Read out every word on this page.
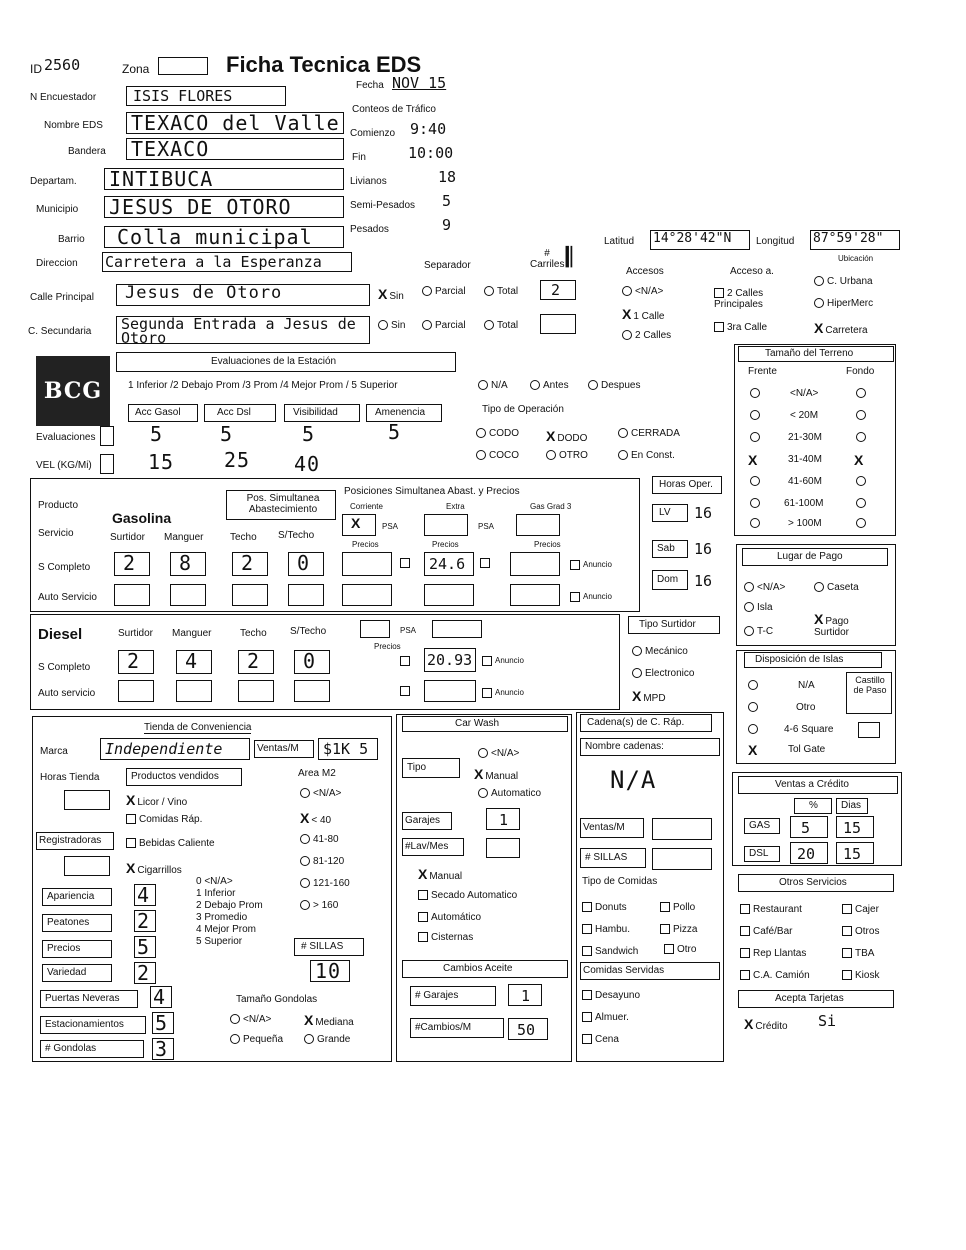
ID 2560	Zona	Ficha Tecnica EDS
Fecha NOV 15
Conteos de Tráfico
Comienzo 9:40
Fin	10:00
Livianos	18
Semi-Pesados 5
Pesados	9
N Encuestador ISIS FLORES
Nombre EDS TEXACO del Valle
Bandera TEXACO
Departam. INTIBUCA
Municipio JESUS DE OTORO
Barrio Colla municipal
Direccion Carretera a la Esperanza
Calle Principal Jesus de Otoro
C. Secundaria Segunda Entrada a Jesus de Otoro
Separador
# Carriles 𝄃
X Sin	Parcial	Total 2
Sin	Parcial	Total
Latitud 14°28'42"N Longitud 87°59'28"
Ubicación
Accesos
<N/A>
X 1 Calle
2 Calles
Acceso a.
2 Calles Principales
3ra Calle
C. Urbana
HiperMerc
X Carretera
BCG
Evaluaciones de la Estación
1 Inferior /2 Debajo Prom /3 Prom /4 Mejor Prom / 5 Superior	N/A	Antes	Despues
Acc Gasol	Acc Dsl	Visibilidad	Amenencia
Evaluaciones	5	5	5	5
VEL (KG/Mi)	15 25 40
Tipo de Operación
CODO X DODO	CERRADA
COCO	OTRO	En Const.
Tamaño del Terreno
Frente	Fondo
<N/A>
< 20M
21-30M
X	31-40M X
41-60M
61-100M
> 100M
Producto
Gasolina
Servicio
Pos. Simultanea Abastecimiento
Posiciones Simultanea Abast. y Precios
Corriente	Extra	Gas Grad 3
X	PSA	PSA
Precios	Precios	Precios
Surtidor Manguer	Techo S/Techo
S Completo 2 8 2 0	24.6	Anuncio
Auto Servicio	Anuncio
Horas Oper.
LV 16
Sab 16
Dom 16
Lugar de Pago
<N/A>	Caseta
Isla
T-C
X Pago Surtidor
Diesel	Surtidor Manguer	Techo S/Techo	PSA
Precios
S Completo 2 4 2 0	20.93	Anuncio
Auto servicio	Anuncio
Tipo Surtidor
Mecánico
Electronico
X MPD
Disposición de Islas
N/A	Castillo de Paso
Otro
4-6 Square
X	Tol Gate
Tienda de Conveniencia
Marca Independiente	Ventas/M $1K 5
Horas Tienda	Productos vendidos
X Licor / Vino
Comidas Ráp.
Bebidas Caliente
X Cigarrillos
Area M2
<N/A>
X < 40
41-80
81-120
121-160
> 160
Registradoras
0 <N/A>
1 Inferior
2 Debajo Prom
3 Promedio
4 Mejor Prom
5 Superior
Apariencia 4
Peatones 2
Precios	5
Variedad	2
# SILLAS
10
Puertas Neveras 4
Estacionamientos 5
# Gondolas	3
Tamaño Gondolas
<N/A> X Mediana
Pequeña	Grande
Car Wash
Tipo
<N/A>
X Manual
Automatico
Garajes	1
#Lav/Mes
X Manual
Secado Automatico
Automático
Cisternas
Cambios Aceite
# Garajes	1
#Cambios/M	50
Cadena(s) de C. Ráp.
Nombre cadenas:
N/A
Ventas/M
# SILLAS
Tipo de Comidas
Donuts	Pollo
Hambu.	Pizza
Sandwich	Otro
Comidas Servidas
Desayuno
Almuer.
Cena
Ventas a Crédito
% Dias
GAS 5 15
DSL 20 15
Otros Servicios
Restaurant	Cajer
Café/Bar	Otros
Rep Llantas	TBA
C.A. Camión	Kiosk
Acepta Tarjetas
X Crédito Si
